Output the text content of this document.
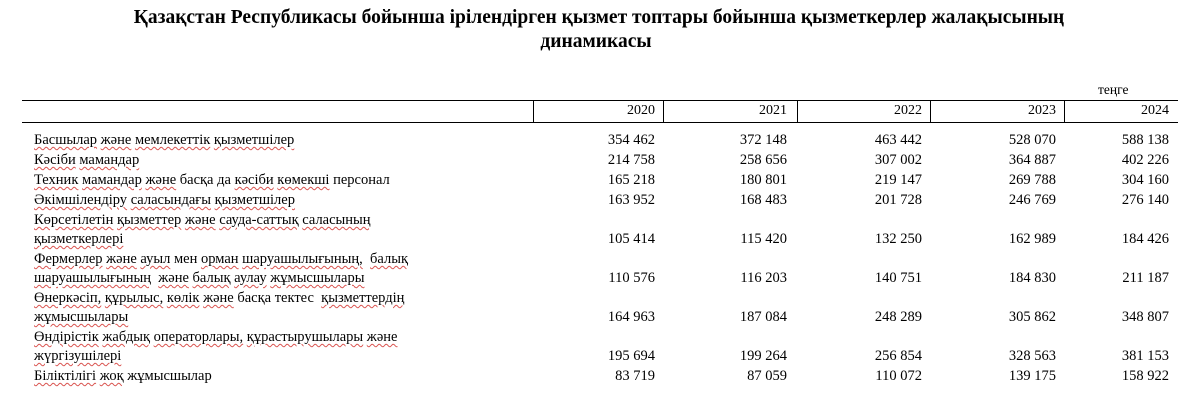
Қазақстан Республикасы бойынша ірілендірген қызмет топтары бойынша қызметкерлер жалақысының
динамикасы
теңге
2020	2021	2022	2023	2024
Басшылар және мемлекеттік қызметшілер	354 462	372 148	463 442	528 070	588 138
Кәсіби мамандар	214 758	258 656	307 002	364 887	402 226
Техник мамандар және басқа да кәсіби көмекші персонал	165 218	180 801	219 147	269 788	304 160
Әкімшілендіру саласындағы қызметшілер	163 952	168 483	201 728	246 769	276 140
Көрсетілетін қызметтер және сауда-саттық саласының
қызметкерлері	105 414	115 420	132 250	162 989	184 426
Фермерлер және ауыл мен орман шаруашылығының, балық
шаруашылығының және балық аулау жұмысшылары	110 576	116 203	140 751	184 830	211 187
Өнеркәсіп, құрылыс, көлік және басқа тектес қызметтердің
жұмысшылары	164 963	187 084	248 289	305 862	348 807
Өндірістік жабдық операторлары, құрастырушылары және
жүргізушілері	195 694	199 264	256 854	328 563	381 153
Біліктілігі жоқ жұмысшылар	83 719	87 059	110 072	139 175	158 922
